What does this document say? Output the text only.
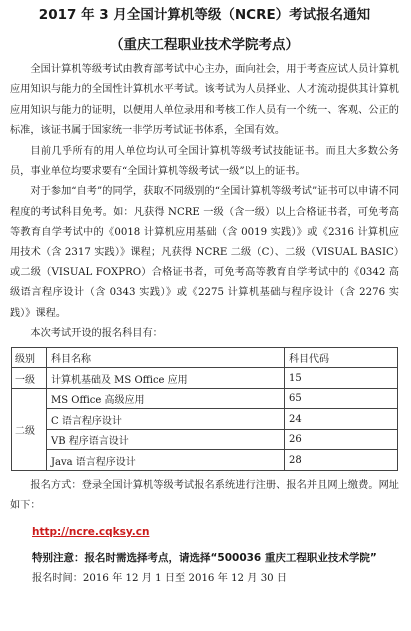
2017 年 3 月全国计算机等级（NCRE）考试报名通知
（重庆工程职业技术学院考点）

全国计算机等级考试由教育部考试中心主办，面向社会，用于考查应试人员计算机应用知识与能力的全国性计算机水平考试。该考试为人员择业、人才流动提供其计算机应用知识与能力的证明，以便用人单位录用和考核工作人员有一个统一、客观、公正的标准，该证书属于国家统一非学历考试证书体系，全国有效。

目前几乎所有的用人单位均认可全国计算机等级考试技能证书。而且大多数公务员，事业单位均要求要有“全国计算机等级考试一级”以上的证书。

对于参加“自考”的同学，获取不同级别的“全国计算机等级考试”证书可以申请不同程度的考试科目免考。如：凡获得 NCRE 一级（含一级）以上合格证书者，可免考高等教育自学考试中的《0018 计算机应用基础（含 0019 实践）》或《2316 计算机应用技术（含 2317 实践）》课程；凡获得 NCRE 二级（C）、二级（VISUAL BASIC）或二级（VISUAL FOXPRO）合格证书者，可免考高等教育自学考试中的《0342 高级语言程序设计（含 0343 实践）》或《2275 计算机基础与程序设计（含 2276 实践）》课程。

本次考试开设的报名科目有：

级别	科目名称	科目代码
一级	计算机基础及 MS Office 应用	15
二级	MS Office 高级应用	65
	C 语言程序设计	24
	VB 程序语言设计	26
	Java 语言程序设计	28

报名方式：登录全国计算机等级考试报名系统进行注册、报名并且网上缴费。网址如下：

http://ncre.cqksy.cn

特别注意：报名时需选择考点，请选择“500036 重庆工程职业技术学院”

报名时间：2016 年 12 月 1 日至 2016 年 12 月 30 日
